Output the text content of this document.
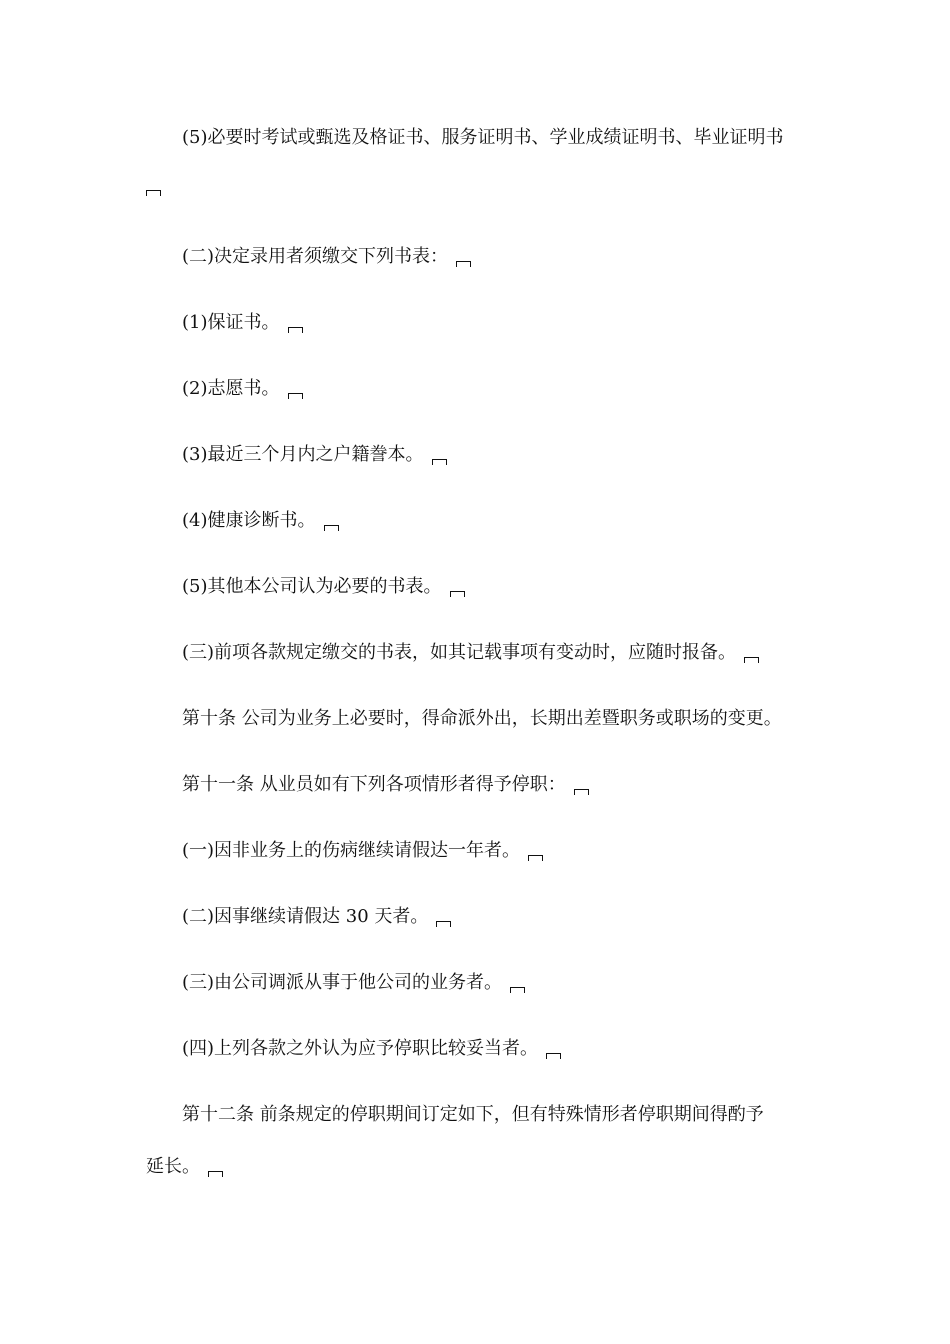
(5)必要时考试或甄选及格证书、服务证明书、学业成绩证明书、毕业证明书
(二)决定录用者须缴交下列书表：
(1)保证书。
(2)志愿书。
(3)最近三个月内之户籍誊本。
(4)健康诊断书。
(5)其他本公司认为必要的书表。
(三)前项各款规定缴交的书表，如其记载事项有变动时，应随时报备。
第十条 公司为业务上必要时，得命派外出，长期出差暨职务或职场的变更。
第十一条 从业员如有下列各项情形者得予停职：
(一)因非业务上的伤病继续请假达一年者。
(二)因事继续请假达 30 天者。
(三)由公司调派从事于他公司的业务者。
(四)上列各款之外认为应予停职比较妥当者。
第十二条 前条规定的停职期间订定如下，但有特殊情形者停职期间得酌予
延长。
